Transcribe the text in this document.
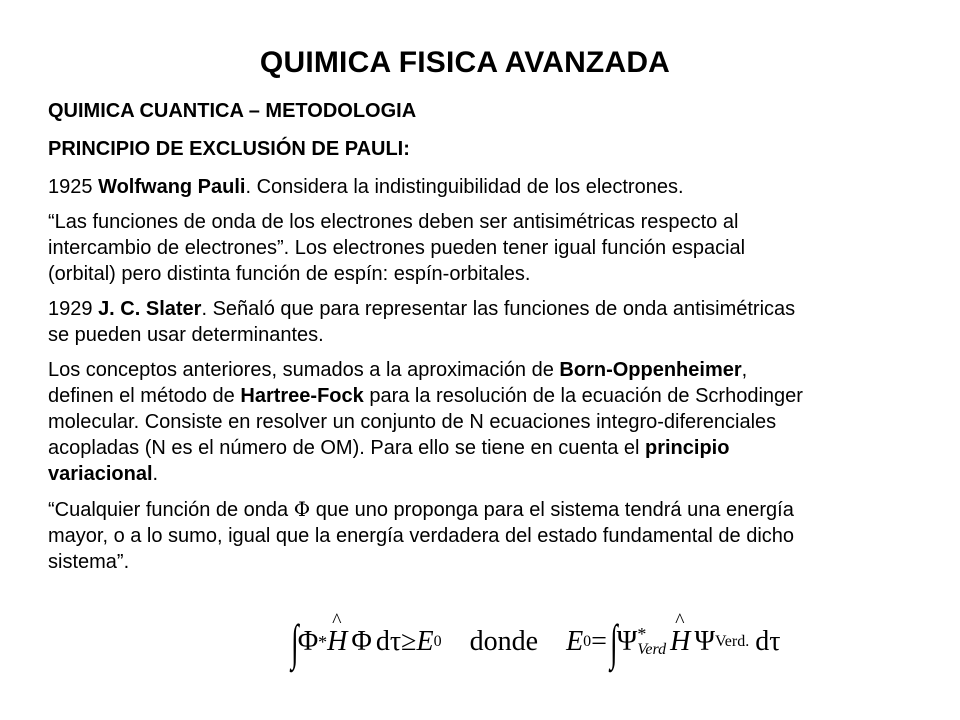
QUIMICA FISICA AVANZADA

QUIMICA CUANTICA – METODOLOGIA

PRINCIPIO DE EXCLUSIÓN DE PAULI:

1925 Wolfwang Pauli. Considera la indistinguibilidad de los electrones.

“Las funciones de onda de los electrones deben ser antisimétricas respecto al intercambio de electrones”. Los electrones pueden tener igual función espacial (orbital) pero distinta función de espín: espín-orbitales.

1929 J. C. Slater. Señaló que para representar las funciones de onda antisimétricas se pueden usar determinantes.

Los conceptos anteriores, sumados a la aproximación de Born-Oppenheimer, definen el método de Hartree-Fock para la resolución de la ecuación de Scrhodinger molecular. Consiste en resolver un conjunto de N ecuaciones integro-diferenciales acopladas (N es el número de OM). Para ello se tiene en cuenta el principio variacional.

“Cualquier función de onda Φ que uno proponga para el sistema tendrá una energía mayor, o a lo sumo, igual que la energía verdadera del estado fundamental de dicho sistema”.

∫ Φ * ^ H Φ dτ ≥ E 0 donde E 0 = ∫ Ψ *
Verd ^ H Ψ Verd. dτ
